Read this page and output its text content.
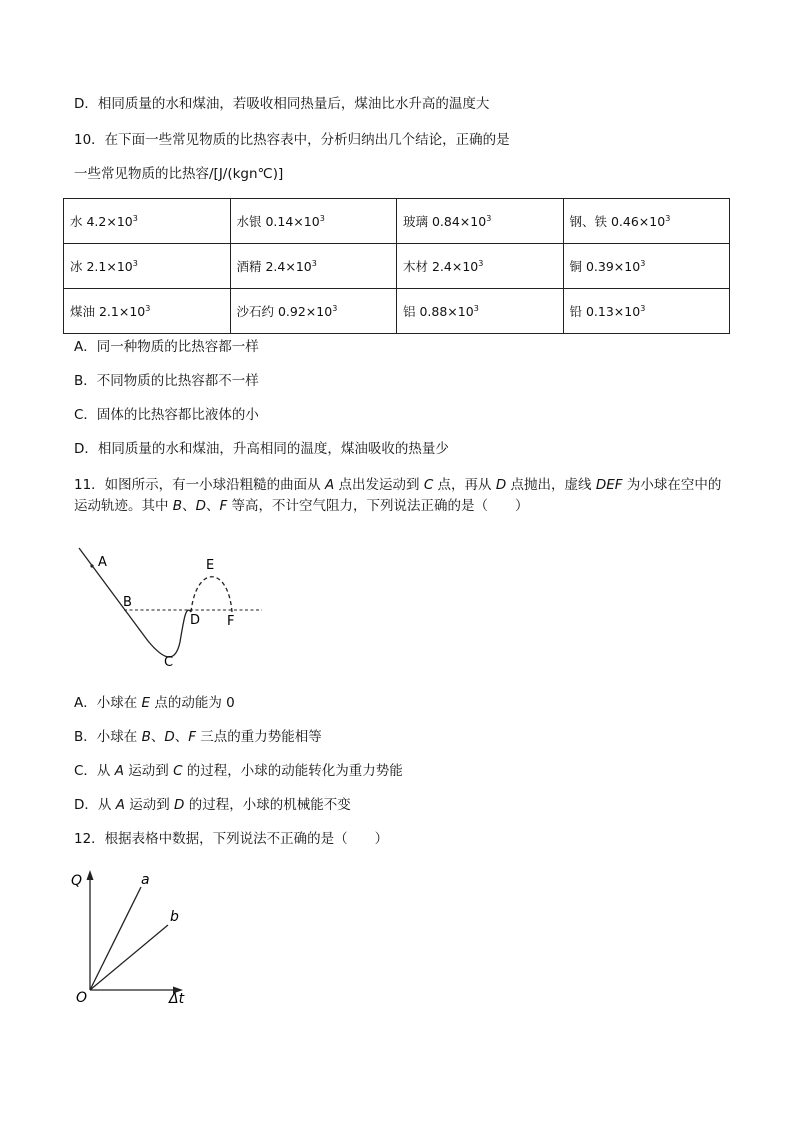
D．相同质量的水和煤油，若吸收相同热量后，煤油比水升高的温度大
10．在下面一些常见物质的比热容表中，分析归纳出几个结论，正确的是
一些常见物质的比热容/[J/(kgn℃)]
水 $4.2\times 10^3$	水银 $0.14\times 10^3$	玻璃 $0.84\times 10^3$	钢、铁 $0.46\times 10^3$
冰 $2.1\times 10^3$	酒精 $2.4\times 10^3$	木材 $2.4\times 10^3$	铜 $0.39\times 10^3$
煤油 $2.1\times 10^3$	沙石约 $0.92\times 10^3$	铝 $0.88\times 10^3$	铅 $0.13\times 10^3$
A．同一种物质的比热容都一样
B．不同物质的比热容都不一样
C．固体的比热容都比液体的小
D．相同质量的水和煤油，升高相同的温度，煤油吸收的热量少
11．如图所示，有一小球沿粗糙的曲面从 A 点出发运动到 C 点，再从 D 点抛出，虚线 DEF 为小球在空中的运动轨迹。其中 B、D、F 等高，不计空气阻力，下列说法正确的是（　　）
A
B
C
D
E
F
Q	a
b
O	Δt
A．小球在 E 点的动能为 0
B．小球在 B、D、F 三点的重力势能相等
C．从 A 运动到 C 的过程，小球的动能转化为重力势能
D．从 A 运动到 D 的过程，小球的机械能不变
12．根据表格中数据，下列说法不正确的是（　　）
